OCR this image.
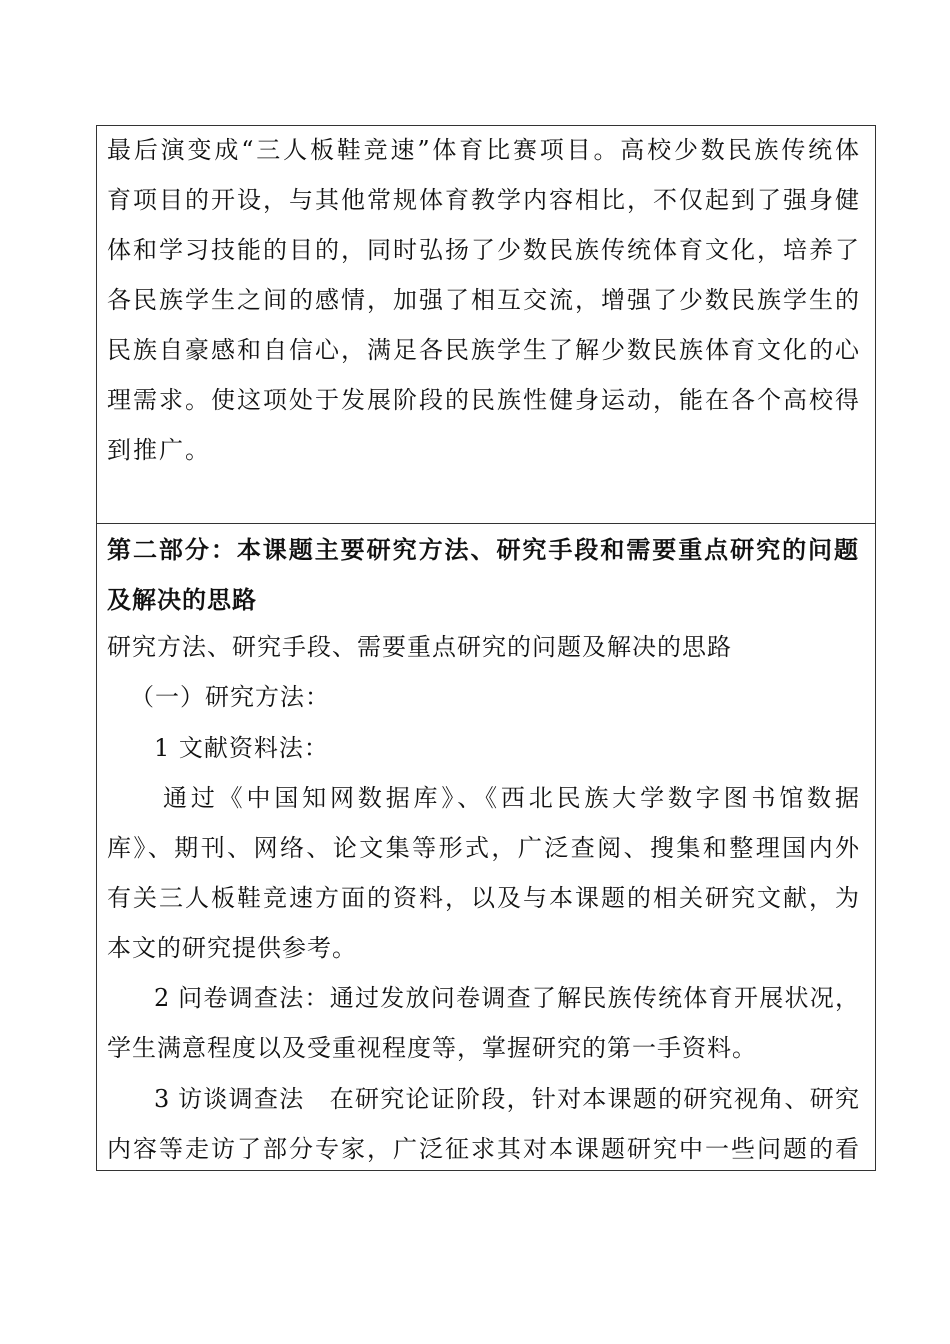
最后演变成“三人板鞋竞速”体育比赛项目。高校少数民族传统体
育项目的开设，与其他常规体育教学内容相比，不仅起到了强身健
体和学习技能的目的，同时弘扬了少数民族传统体育文化，培养了
各民族学生之间的感情，加强了相互交流，增强了少数民族学生的
民族自豪感和自信心，满足各民族学生了解少数民族体育文化的心
理需求。使这项处于发展阶段的民族性健身运动，能在各个高校得
到推广。
第二部分：本课题主要研究方法、研究手段和需要重点研究的问题
及解决的思路
研究方法、研究手段、需要重点研究的问题及解决的思路
（一）研究方法：
1 文献资料法：
通过《中国知网数据库》、《西北民族大学数字图书馆数据
库》、期刊、网络、论文集等形式，广泛查阅、搜集和整理国内外
有关三人板鞋竞速方面的资料，以及与本课题的相关研究文献，为
本文的研究提供参考。
2 问卷调查法：通过发放问卷调查了解民族传统体育开展状况，
学生满意程度以及受重视程度等，掌握研究的第一手资料。
3 访谈调查法　在研究论证阶段，针对本课题的研究视角、研究
内容等走访了部分专家，广泛征求其对本课题研究中一些问题的看
